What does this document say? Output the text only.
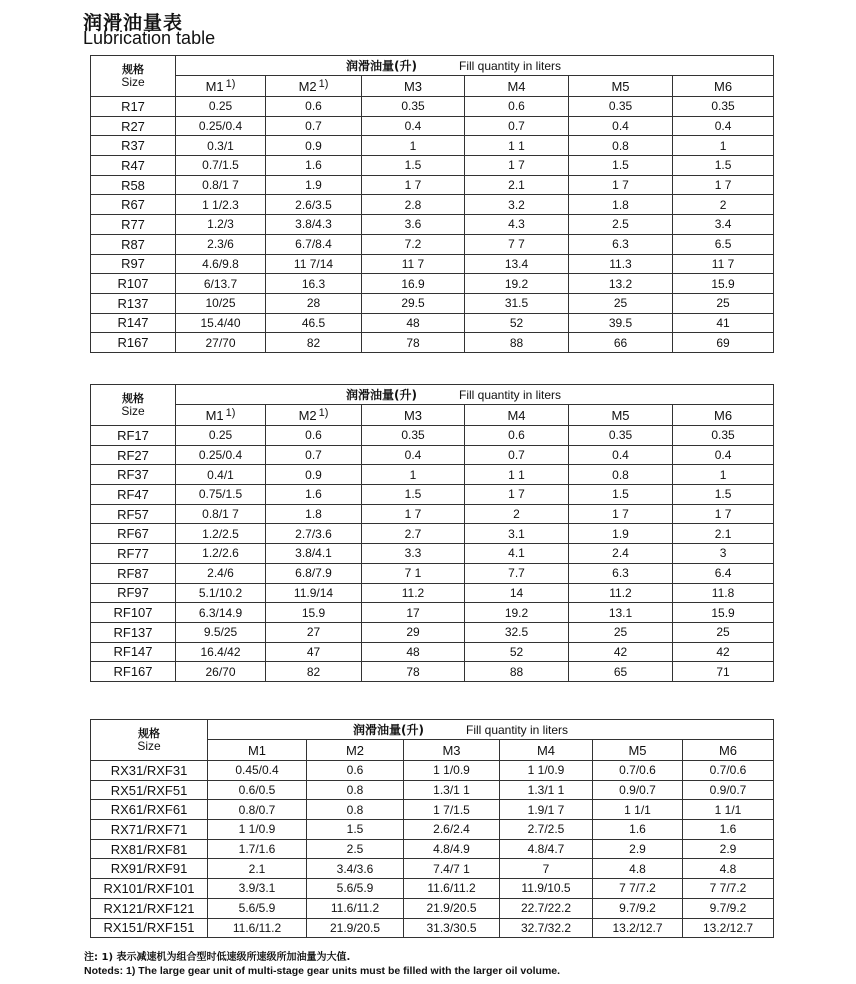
润滑油量表
Lubrication table
规格
Size	润滑油量(升) Fill quantity in liters					
	M1 $^{1)}$	M2 $^{1)}$	M3	M4	M5	M6
R17	0.25	0.6	0.35	0.6	0.35	0.35
R27	0.25/0.4	0.7	0.4	0.7	0.4	0.4
R37	0.3/1	0.9	1	1 1	0.8	1
R47	0.7/1.5	1.6	1.5	1 7	1.5	1.5
R58	0.8/1 7	1.9	1 7	2.1	1 7	1 7
R67	1 1/2.3	2.6/3.5	2.8	3.2	1.8	2
R77	1.2/3	3.8/4.3	3.6	4.3	2.5	3.4
R87	2.3/6	6.7/8.4	7.2	7 7	6.3	6.5
R97	4.6/9.8	11 7/14	11 7	13.4	11.3	11 7
R107	6/13.7	16.3	16.9	19.2	13.2	15.9
R137	10/25	28	29.5	31.5	25	25
R147	15.4/40	46.5	48	52	39.5	41
R167	27/70	82	78	88	66	69
规格
Size	润滑油量(升) Fill quantity in liters					
	M1 $^{1)}$	M2 $^{1)}$	M3	M4	M5	M6
RF17	0.25	0.6	0.35	0.6	0.35	0.35
RF27	0.25/0.4	0.7	0.4	0.7	0.4	0.4
RF37	0.4/1	0.9	1	1 1	0.8	1
RF47	0.75/1.5	1.6	1.5	1 7	1.5	1.5
RF57	0.8/1 7	1.8	1 7	2	1 7	1 7
RF67	1.2/2.5	2.7/3.6	2.7	3.1	1.9	2.1
RF77	1.2/2.6	3.8/4.1	3.3	4.1	2.4	3
RF87	2.4/6	6.8/7.9	7 1	7.7	6.3	6.4
RF97	5.1/10.2	11.9/14	11.2	14	11.2	11.8
RF107	6.3/14.9	15.9	17	19.2	13.1	15.9
RF137	9.5/25	27	29	32.5	25	25
RF147	16.4/42	47	48	52	42	42
RF167	26/70	82	78	88	65	71
规格
Size	润滑油量(升) Fill quantity in liters					
	M1	M2	M3	M4	M5	M6
RX31/RXF31	0.45/0.4	0.6	1 1/0.9	1 1/0.9	0.7/0.6	0.7/0.6
RX51/RXF51	0.6/0.5	0.8	1.3/1 1	1.3/1 1	0.9/0.7	0.9/0.7
RX61/RXF61	0.8/0.7	0.8	1 7/1.5	1.9/1 7	1 1/1	1 1/1
RX71/RXF71	1 1/0.9	1.5	2.6/2.4	2.7/2.5	1.6	1.6
RX81/RXF81	1.7/1.6	2.5	4.8/4.9	4.8/4.7	2.9	2.9
RX91/RXF91	2.1	3.4/3.6	7.4/7 1	7	4.8	4.8
RX101/RXF101	3.9/3.1	5.6/5.9	11.6/11.2	11.9/10.5	7 7/7.2	7 7/7.2
RX121/RXF121	5.6/5.9	11.6/11.2	21.9/20.5	22.7/22.2	9.7/9.2	9.7/9.2
RX151/RXF151	11.6/11.2	21.9/20.5	31.3/30.5	32.7/32.2	13.2/12.7	13.2/12.7
注: 1) 表示减速机为组合型时低速级所速级所加油量为大值.
Noteds: 1) The large gear unit of multi-stage gear units must be filled with the larger oil volume.
